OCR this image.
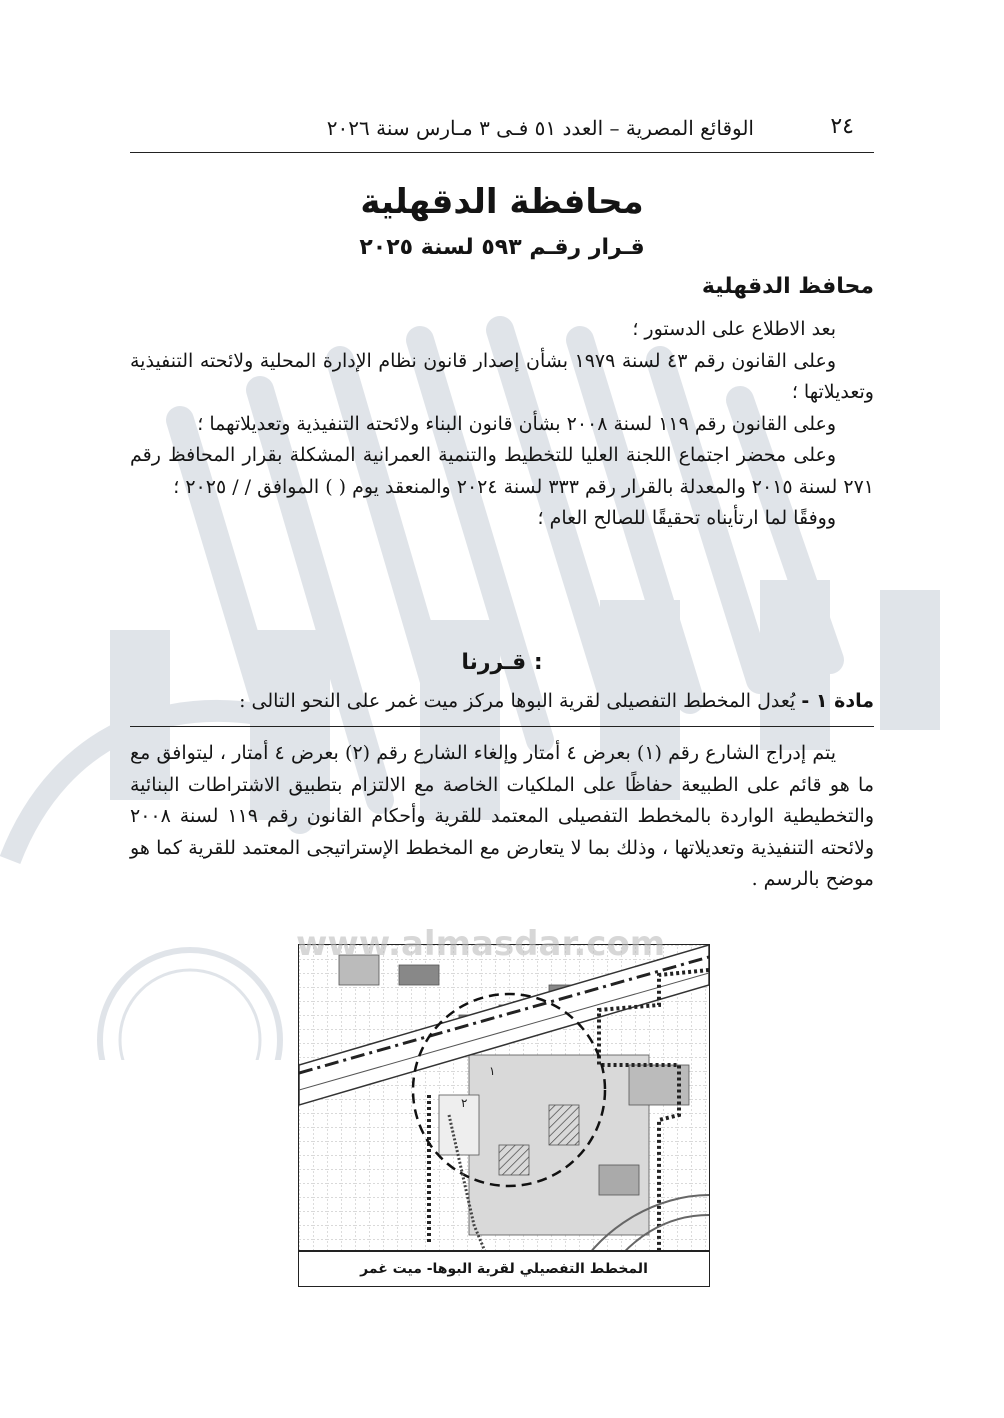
٢٤
الوقائع المصرية – العدد ٥١ فـى ٣ مـارس سنة ٢٠٢٦
محافظة الدقهلية
قـرار رقـم ٥٩٣ لسنة ٢٠٢٥
محافظ الدقهلية

بعد الاطلاع على الدستور ؛

وعلى القانون رقم ٤٣ لسنة ١٩٧٩ بشأن إصدار قانون نظام الإدارة المحلية ولائحته التنفيذية وتعديلاتها ؛

وعلى القانون رقم ١١٩ لسنة ٢٠٠٨ بشأن قانون البناء ولائحته التنفيذية وتعديلاتهما ؛

وعلى محضر اجتماع اللجنة العليا للتخطيط والتنمية العمرانية المشكلة بقرار المحافظ رقم ٢٧١ لسنة ٢٠١٥ والمعدلة بالقرار رقم ٣٣٣ لسنة ٢٠٢٤ والمنعقد يوم ( ) الموافق / / ٢٠٢٥ ؛

ووفقًا لما ارتأيناه تحقيقًا للصالح العام ؛

قـررنا :
مادة ١ - يُعدل المخطط التفصيلى لقرية البوها مركز ميت غمر على النحو التالى :

يتم إدراج الشارع رقم (١) بعرض ٤ أمتار وإلغاء الشارع رقم (٢) بعرض ٤ أمتار ، ليتوافق مع ما هو قائم على الطبيعة حفاظًا على الملكيات الخاصة مع الالتزام بتطبيق الاشتراطات البنائية والتخطيطية الواردة بالمخطط التفصيلى المعتمد للقرية وأحكام القانون رقم ١١٩ لسنة ٢٠٠٨ ولائحته التنفيذية وتعديلاتها ، وذلك بما لا يتعارض مع المخطط الإستراتيجى المعتمد للقرية كما هو موضح بالرسم .

١
٢
www.almasdar.com
المخطط التفصيلي لقرية البوها- ميت غمر
